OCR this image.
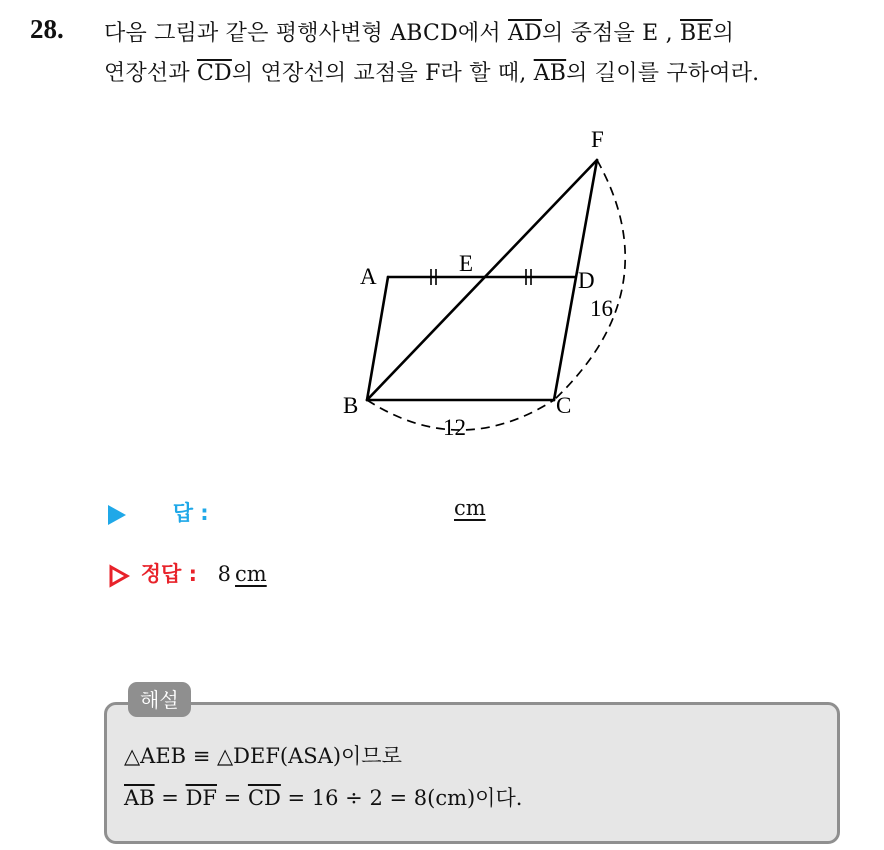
28. 다음 그림과 같은 평행사변형 ABCD에서 $\overline{AD}$의 중점을 E , $\overline{BE}$의
연장선과 $\overline{CD}$의 연장선의 교점을 F라 할 때, $\overline{AB}$의 길이를 구하여라.
A
E
D
B	C
F
12
16
답 :	cm
정답 : 8 cm
해설
△AEB ≡ △DEF(ASA)이므로
$\overline{AB} = \overline{DF} = \overline{CD} = 16 \div 2 = 8(cm)$이다.
